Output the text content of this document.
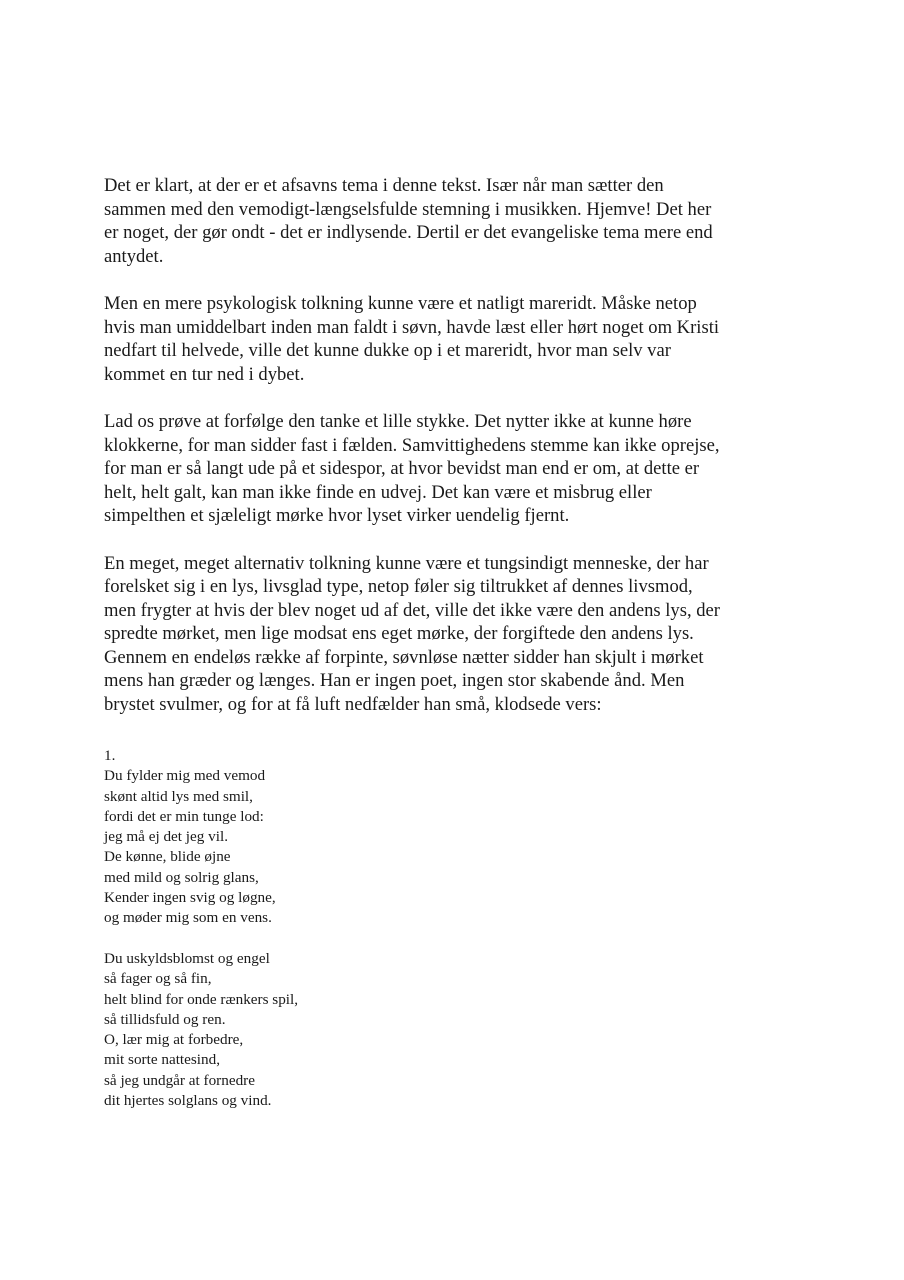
Det er klart, at der er et afsavns tema i denne tekst. Især når man sætter den
sammen med den vemodigt-længselsfulde stemning i musikken. Hjemve! Det her
er noget, der gør ondt - det er indlysende. Dertil er det evangeliske tema mere end
antydet.

Men en mere psykologisk tolkning kunne være et natligt mareridt. Måske netop
hvis man umiddelbart inden man faldt i søvn, havde læst eller hørt noget om Kristi
nedfart til helvede, ville det kunne dukke op i et mareridt, hvor man selv var
kommet en tur ned i dybet.

Lad os prøve at forfølge den tanke et lille stykke. Det nytter ikke at kunne høre
klokkerne, for man sidder fast i fælden. Samvittighedens stemme kan ikke oprejse,
for man er så langt ude på et sidespor, at hvor bevidst man end er om, at dette er
helt, helt galt, kan man ikke finde en udvej. Det kan være et misbrug eller
simpelthen et sjæleligt mørke hvor lyset virker uendelig fjernt.

En meget, meget alternativ tolkning kunne være et tungsindigt menneske, der har
forelsket sig i en lys, livsglad type, netop føler sig tiltrukket af dennes livsmod,
men frygter at hvis der blev noget ud af det, ville det ikke være den andens lys, der
spredte mørket, men lige modsat ens eget mørke, der forgiftede den andens lys.
Gennem en endeløs række af forpinte, søvnløse nætter sidder han skjult i mørket
mens han græder og længes. Han er ingen poet, ingen stor skabende ånd. Men
brystet svulmer, og for at få luft nedfælder han små, klodsede vers:

1.
Du fylder mig med vemod
skønt altid lys med smil,
fordi det er min tunge lod:
jeg må ej det jeg vil.
De kønne, blide øjne
med mild og solrig glans,
Kender ingen svig og løgne,
og møder mig som en vens.
Du uskyldsblomst og engel
så fager og så fin,
helt blind for onde rænkers spil,
så tillidsfuld og ren.
O, lær mig at forbedre,
mit sorte nattesind,
så jeg undgår at fornedre
dit hjertes solglans og vind.
